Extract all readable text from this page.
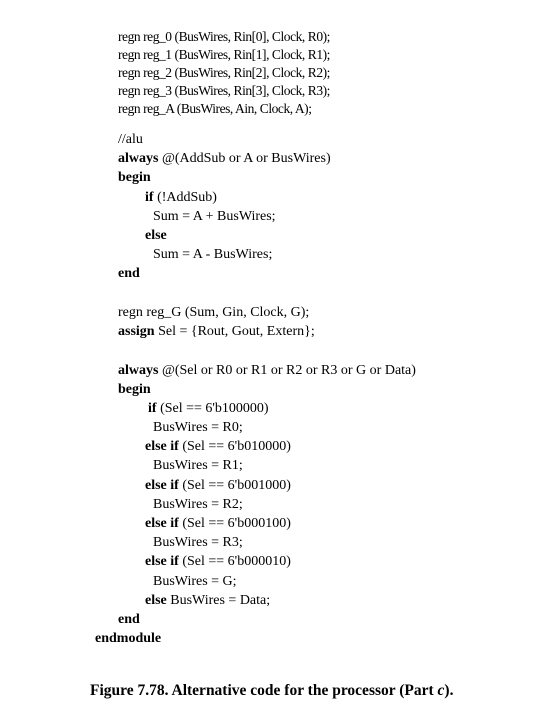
regn reg_0 (BusWires, Rin[0], Clock, R0);
regn reg_1 (BusWires, Rin[1], Clock, R1);
regn reg_2 (BusWires, Rin[2], Clock, R2);
regn reg_3 (BusWires, Rin[3], Clock, R3);
regn reg_A (BusWires, Ain, Clock, A);
//alu
always @(AddSub or A or BusWires)
begin
if (!AddSub)
Sum = A + BusWires;
else
Sum = A - BusWires;
end
regn reg_G (Sum, Gin, Clock, G);
assign Sel = {Rout, Gout, Extern};
always @(Sel or R0 or R1 or R2 or R3 or G or Data)
begin
if (Sel == 6'b100000)
BusWires = R0;
else if (Sel == 6'b010000)
BusWires = R1;
else if (Sel == 6'b001000)
BusWires = R2;
else if (Sel == 6'b000100)
BusWires = R3;
else if (Sel == 6'b000010)
BusWires = G;
else BusWires = Data;
end
endmodule
Figure 7.78. Alternative code for the processor (Part c).
